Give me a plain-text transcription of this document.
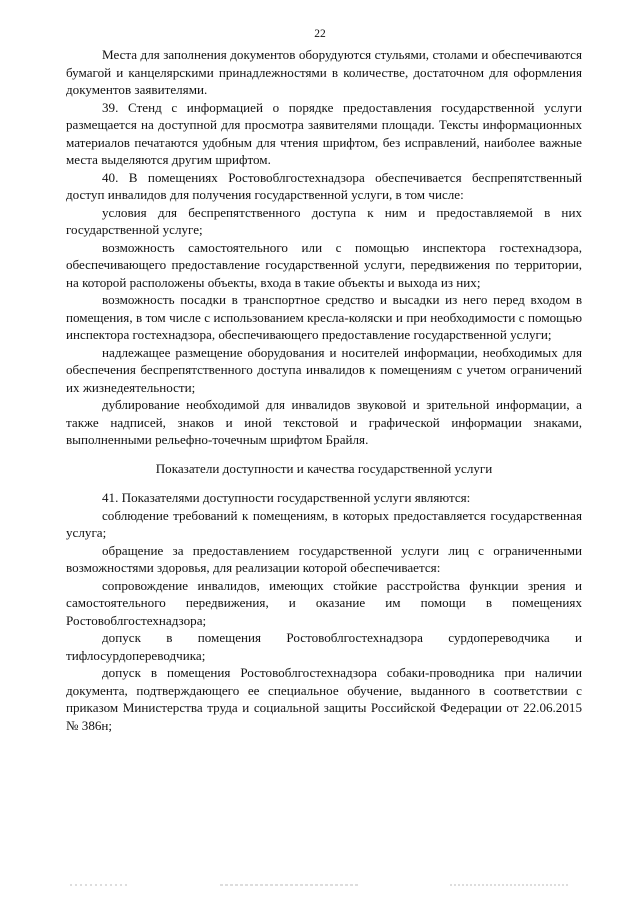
22

Места для заполнения документов оборудуются стульями, столами и обеспечиваются бумагой и канцелярскими принадлежностями в количестве, достаточном для оформления документов заявителями.

39. Стенд с информацией о порядке предоставления государственной услуги размещается на доступной для просмотра заявителями площади. Тексты информационных материалов печатаются удобным для чтения шрифтом, без исправлений, наиболее важные места выделяются другим шрифтом.

40. В помещениях Ростовоблгостехнадзора обеспечивается беспрепятственный доступ инвалидов для получения государственной услуги, в том числе:

условия для беспрепятственного доступа к ним и предоставляемой в них государственной услуге;

возможность самостоятельного или с помощью инспектора гостехнадзора, обеспечивающего предоставление государственной услуги, передвижения по территории, на которой расположены объекты, входа в такие объекты и выхода из них;

возможность посадки в транспортное средство и высадки из него перед входом в помещения, в том числе с использованием кресла-коляски и при необходимости с помощью инспектора гостехнадзора, обеспечивающего предоставление государственной услуги;

надлежащее размещение оборудования и носителей информации, необходимых для обеспечения беспрепятственного доступа инвалидов к помещениям с учетом ограничений их жизнедеятельности;

дублирование необходимой для инвалидов звуковой и зрительной информации, а также надписей, знаков и иной текстовой и графической информации знаками, выполненными рельефно-точечным шрифтом Брайля.

Показатели доступности и качества государственной услуги

41. Показателями доступности государственной услуги являются:

соблюдение требований к помещениям, в которых предоставляется государственная услуга;

обращение за предоставлением государственной услуги лиц с ограниченными возможностями здоровья, для реализации которой обеспечивается:

сопровождение инвалидов, имеющих стойкие расстройства функции зрения и самостоятельного передвижения, и оказание им помощи в помещениях Ростовоблгостехнадзора;

допуск в помещения Ростовоблгостехнадзора сурдопереводчика и тифлосурдопереводчика;

допуск в помещения Ростовоблгостехнадзора собаки-проводника при наличии документа, подтверждающего ее специальное обучение, выданного в соответствии с приказом Министерства труда и социальной защиты Российской Федерации от 22.06.2015 № 386н;
